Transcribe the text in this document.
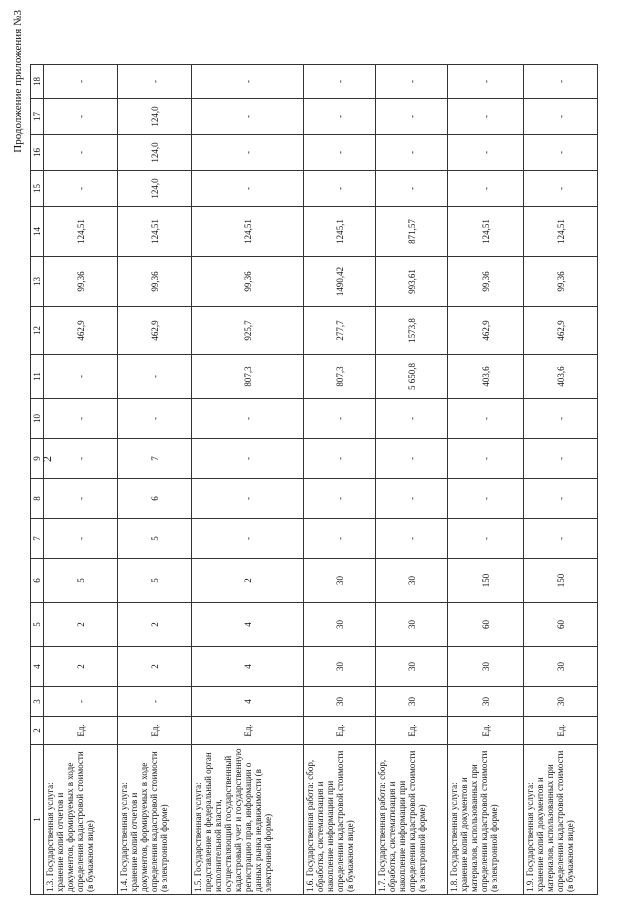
2
Продолжение приложения №3
1	2	3	4	5	6	7	8	9	10	11	12	13	14	15	16	17	18
1.3. Государственная услуга: хранение копий отчетов и документов, формируемых в ходе определения кадастровой стоимости (в бумажном виде)	Ед.	-	2	2	5	-	-	-	-	-	462,9	99,36	124,51	-	-	-	-
1.4. Государственная услуга: хранение копий отчетов и документов, формируемых в ходе определения кадастровой стоимости (в электронной форме)	Ед.	-	2	2	5	5	6	7	-	-	462,9	99,36	124,51	124,0	124,0	124,0	-
1.5. Государственная услуга: представление в федеральный орган исполнительной власти, осуществляющий государственный кадастровый учет и государственную регистрацию прав, информации о данных рынка недвижимости (в электронной форме)	Ед.	4	4	4	2	-	-	-	-	807,3	925,7	99,36	124,51	-	-	-	-
1.6. Государственная работа: сбор, обработка, систематизация и накопление информации при определении кадастровой стоимости (в бумажном виде)	Ед.	30	30	30	30	-	-	-	-	807,3	277,7	1490,42	1245,1	-	-	-	-
1.7. Государственная работа: сбор, обработка, систематизация и накопление информации при определении кадастровой стоимости (в электронной форме)	Ед.	30	30	30	30	-	-	-	-	5 650,8	1573,8	993,61	871,57	-	-	-	-
1.8. Государственная услуга: хранение копий документов и материалов, использованных при определении кадастровой стоимости (в электронной форме)	Ед.	30	30	60	150	-	-	-	-	403,6	462,9	99,36	124,51	-	-	-	-
1.9. Государственная услуга: хранение копий документов и материалов, использованных при определении кадастровой стоимости (в бумажном виде)	Ед.	30	30	60	150	-	-	-	-	403,6	462,9	99,36	124,51	-	-	-	-
